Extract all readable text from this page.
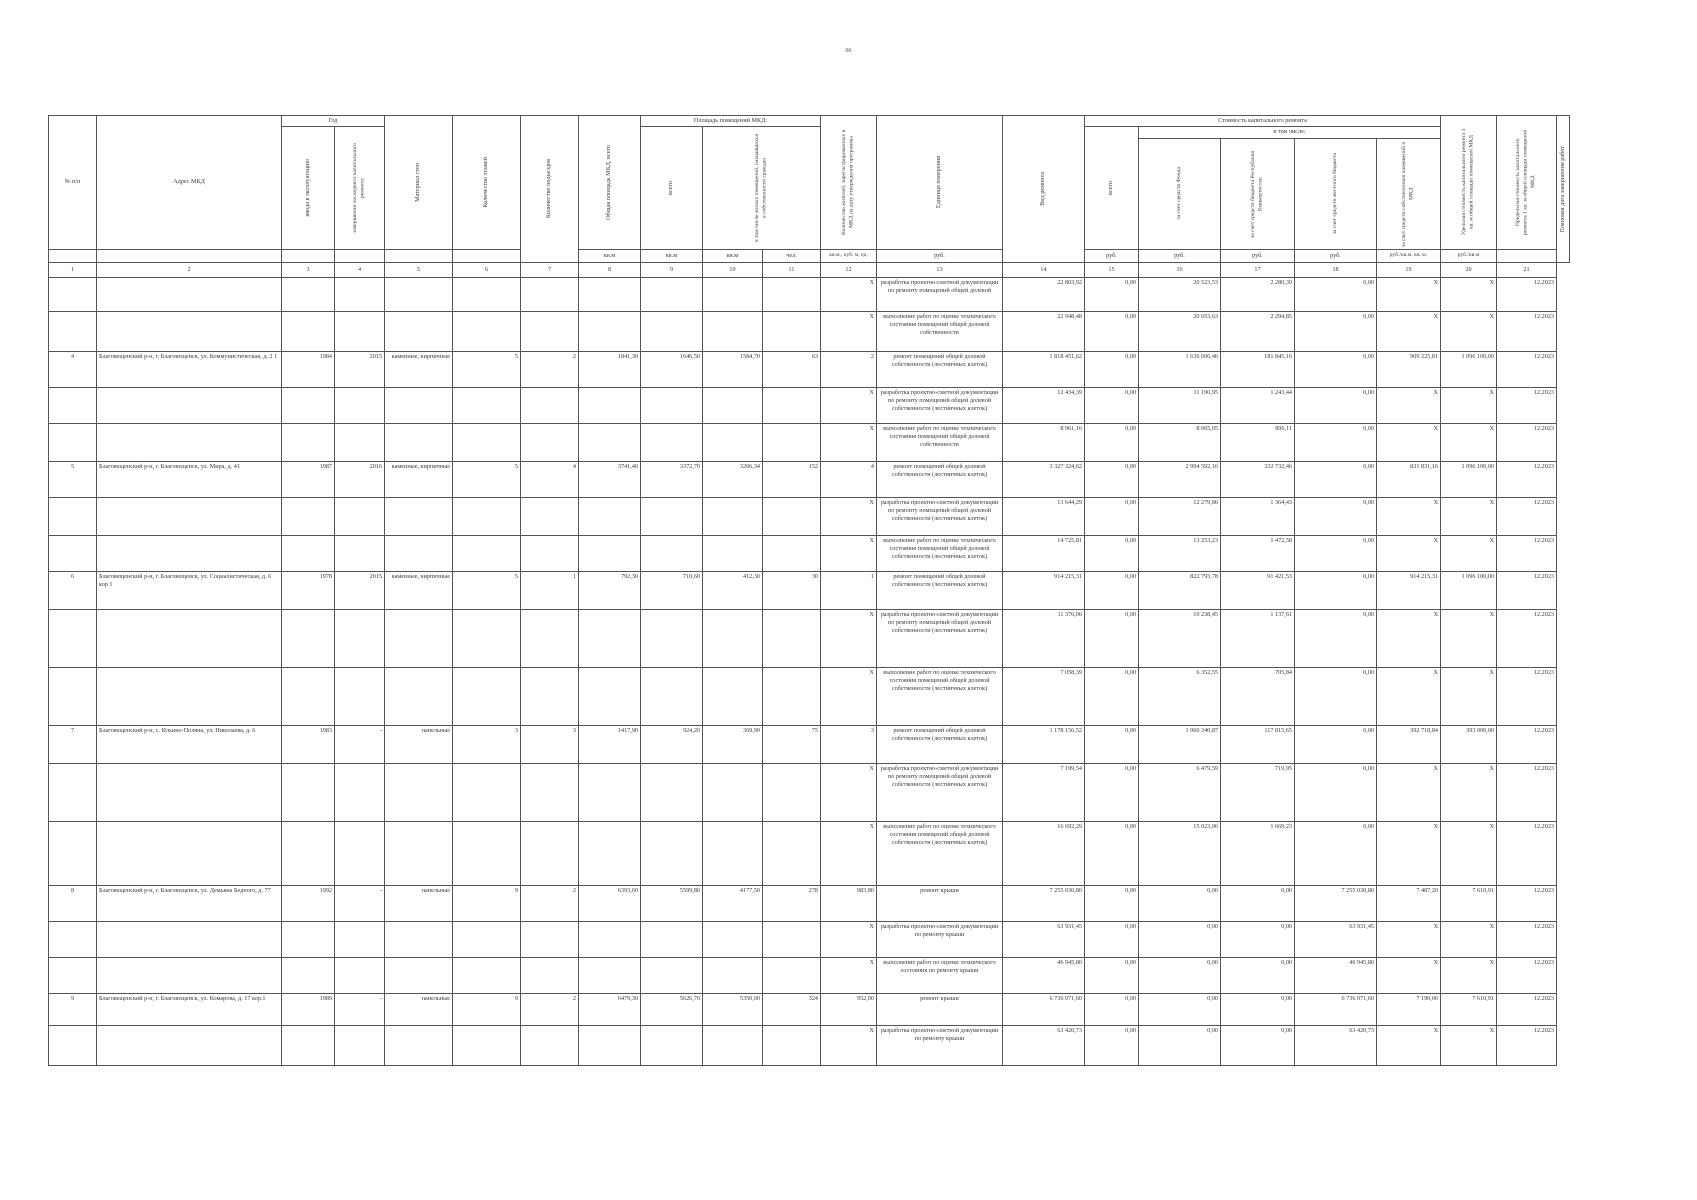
66
№ п/п	Адрес МКД	Год		Материал стен	Количество этажей	Количество подъездов	Общая площадь МКД, всего	Площадь помещений МКД:			Количество жителей, зарегистрированных в МКД на дату утверждения программы	Единица измерения	Вид ремонта	Стоимость капитального ремонта					Удельная стоимость капитального ремонта 1 кв. м общей площади помещений МКД	Предельная стоимость капитального ремонта 1 кв. м общей площади помещений МКД	Плановая дата завершения работ

		ввода в эксплуатацию	завершения последнего капитального ремонта					всего	в том числе жилых помещений, находящихся в собственности граждан					всего	в том числе:						

															за счет средств Фонда	за счет средств бюджета Республики Башкортостан	за счет средств местного бюджета	за счет средств собственников помещений в МКД			

							кв.м	кв.м	кв.м	чел.	кв.м., куб. м, ед.	руб.		руб.	руб.	руб.	руб.	руб./кв.м. кв. м.	руб./кв.м		
1	2	3	4	5	6	7	8	9	10	11	12	13	14	15	16	17	18	19	20	21	
											X	разработка проектно-сметной документации по ремонту помещений общей долевой	22 803,92	0,00	20 523,53	2 280,39	0,00	X	X	12.2023	
											X	выполнение работ по оценке технического состояния помещений общей долевой собственности	22 948,48	0,00	20 653,63	2 294,85	0,00	X	X	12.2023	
4	Благовещенский р-н, г. Благовещенск, ул. Коммунистическая, д. 2 1	1984	2015	каменные, кирпичные	5	2	1841,30	1646,50	1584,70	63	2	ремонт помещений общей долевой собственности (лестничных клеток)	1 818 451,62	0,00	1 636 606,46	181 845,16	0,00	909 225,81	1 096 100,00	12.2023	
											X	разработка проектно-сметной документации по ремонту помещений общей долевой собственности (лестничных клеток)	12 434,39	0,00	11 190,95	1 243,44	0,00	X	X	12.2023	
											X	выполнение работ по оценке технического состояния помещений общей долевой собственности	8 961,16	0,00	8 065,05	896,11	0,00	X	X	12.2023	
5	Благовещенский р-н, г. Благовещенск, ул. Мира, д. 41	1987	2016	каменные, кирпичные	5	4	3741,40	3372,70	3206,34	152	4	ремонт помещений общей долевой собственности (лестничных клеток)	3 327 324,62	0,00	2 994 592,16	332 732,46	0,00	831 831,16	1 096 100,00	12.2023	
											X	разработка проектно-сметной документации по ремонту помещений общей долевой собственности (лестничных клеток)	13 644,29	0,00	12 279,86	1 364,43	0,00	X	X	12.2023	
											X	выполнение работ по оценке технического состояния помещений общей долевой собственности (лестничных клеток)	14 725,81	0,00	13 253,23	1 472,58	0,00	X	X	12.2023	
6	Благовещенский р-н, г. Благовещенск, ул. Социалистическая, д. 6 кор 1	1978	2015	каменные, кирпичные	5	1	792,30	710,60	412,30	30	1	ремонт помещений общей долевой собственности (лестничных клеток)	914 215,31	0,00	822 793,78	91 421,53	0,00	914 215,31	1 096 100,00	12.2023	
											X	разработка проектно-сметной документации по ремонту помещений общей долевой собственности (лестничных клеток)	11 376,06	0,00	10 238,45	1 137,61	0,00	X	X	12.2023	
											X	выполнение работ по оценке технического состояния помещений общей долевой собственности (лестничных клеток)	7 058,39	0,00	6 352,55	705,84	0,00	X	X	12.2023	
7	Благовещенский р-н, с. Ильино-Поляна, ул. Николаева, д. 6	1983	-	панельные	3	3	1417,90	924,20	369,90	75	3	ремонт помещений общей долевой собственности (лестничных клеток)	1 178 156,52	0,00	1 060 340,87	117 815,65	0,00	392 718,84	393 000,00	12.2023	
											X	разработка проектно-сметной документации по ремонту помещений общей долевой собственности (лестничных клеток)	7 199,54	0,00	6 479,59	719,95	0,00	X	X	12.2023	
											X	выполнение работ по оценке технического состояния помещений общей долевой собственности (лестничных клеток)	16 692,29	0,00	15 023,06	1 669,23	0,00	X	X	12.2023	
8	Благовещенский р-н, г. Благовещенск, ул. Демьяна Бедного, д. 77	1992	-	панельные	9	2	6393,60	5599,80	4177,50	278	983,80	ремонт крыши	7 255 030,80	0,00	0,00	0,00	7 255 030,80	7 487,20	7 610,91	12.2023	
											X	разработка проектно-сметной документации по ремонту крыши	63 931,45	0,00	0,00	0,00	63 931,45	X	X	12.2023	
											X	выполнение работ по оценке технического состояния по ремонту крыши	46 945,80	0,00	0,00	0,00	46 945,80	X	X	12.2023	
9	Благовещенский р-н, г. Благовещенск, ул. Комарова, д. 17 кор.1	1989	-	панельные	9	2	6479,30	5626,70	5350,00	324	952,00	ремонт крыши	6 736 071,60	0,00	0,00	0,00	6 736 071,60	7 190,06	7 610,91	12.2023	
											X	разработка проектно-сметной документации по ремонту крыши	63 420,73	0,00	0,00	0,00	63 420,73	X	X	12.2023	
